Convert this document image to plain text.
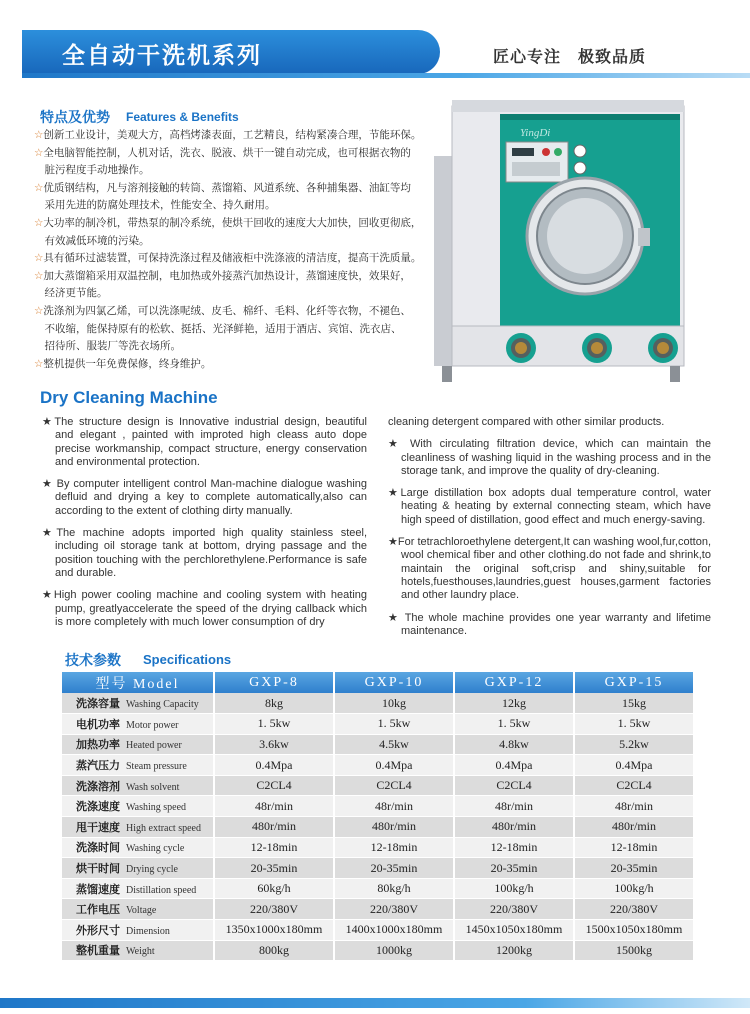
全自动干洗机系列	匠心专注　极致品质
特点及优势 Features & Benefits
☆创新工业设计，美观大方，高档烤漆表面，工艺精良，结构紧凑合理，节能环保。
☆全电脑智能控制，人机对话，洗衣、脱液、烘干一键自动完成，也可根据衣物的
　脏污程度手动地操作。
☆优质钢结构，凡与溶剂接触的转筒、蒸馏箱、风道系统、各种捕集器、油缸等均
　采用先进的防腐处理技术，性能安全、持久耐用。
☆大功率的制冷机，带热泵的制冷系统，使烘干回收的速度大大加快，回收更彻底，
　有效减低环境的污染。
☆具有循环过滤装置，可保持洗涤过程及储液柜中洗涤液的清洁度，提高干洗质量。
☆加大蒸馏箱采用双温控制，电加热或外接蒸汽加热设计，蒸馏速度快，效果好，
　经济更节能。
☆洗涤剂为四氯乙烯，可以洗涤呢绒、皮毛、棉纤、毛料、化纤等衣物，不褪色、
　不收缩，能保持原有的松软、挺括、光泽鲜艳，适用于酒店、宾馆、洗衣店、
　招待所、服装厂等洗衣场所。
☆整机提供一年免费保修，终身维护。
YingDi
Dry Cleaning Machine

★The structure design is Innovative industrial design, beautiful and elegant , painted with improted high cleass auto dope precise workmanship, compact structure, energy conservation and environmental protection.

★ By computer intelligent control Man-machine dialogue washing defluid and drying a key to complete automatically,also can according to the extent of clothing dirty manually.

★The machine adopts imported high quality stainless steel, including oil storage tank at bottom, drying passage and the position touching with the perchlorethylene.Performance is safe and durable.

★High power cooling machine and cooling system with heating pump, greatlyaccelerate the speed of the drying callback which is more completely with much lower consumption of dry

cleaning detergent compared with other similar products.

★ With circulating filtration device, which can maintain the cleanliness of washing liquid in the washing process and in the storage tank, and improve the quality of dry-cleaning.

★Large distillation box adopts dual temperature control, water heating & heating by external connecting steam, which have high speed of distillation, good effect and much energy-saving.

★For tetrachloroethylene detergent,It can washing wool,fur,cotton, wool chemical fiber and other clothing.do not fade and shrink,to maintain the original soft,crisp and shiny,suitable for hotels,fuesthouses,laundries,guest houses,garment factories and other laundry place.

★ The whole machine provides one year warranty and lifetime maintenance.

技术参数 Specifications
型号 Model	GXP-8	GXP-10	GXP-12	GXP-15
洗涤容量 Washing Capacity	8kg	10kg	12kg	15kg
电机功率 Motor power	1. 5kw	1. 5kw	1. 5kw	1. 5kw
加热功率 Heated power	3.6kw	4.5kw	4.8kw	5.2kw
蒸汽压力 Steam pressure	0.4Mpa	0.4Mpa	0.4Mpa	0.4Mpa
洗涤溶剂 Wash solvent	C2CL4	C2CL4	C2CL4	C2CL4
洗涤速度 Washing speed	48r/min	48r/min	48r/min	48r/min
甩干速度 High extract speed	480r/min	480r/min	480r/min	480r/min
洗涤时间 Washing cycle	12-18min	12-18min	12-18min	12-18min
烘干时间 Drying cycle	20-35min	20-35min	20-35min	20-35min
蒸馏速度 Distillation speed	60kg/h	80kg/h	100kg/h	100kg/h
工作电压 Voltage	220/380V	220/380V	220/380V	220/380V
外形尺寸 Dimension	1350x1000x180mm	1400x1000x180mm	1450x1050x180mm	1500x1050x180mm
整机重量 Weight	800kg	1000kg	1200kg	1500kg
